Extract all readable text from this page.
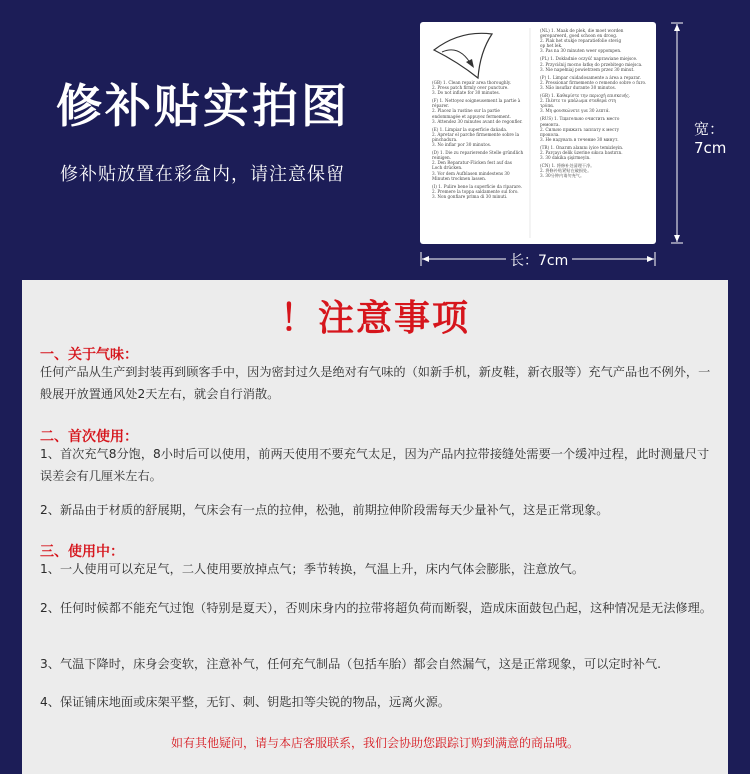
修补贴实拍图
修补贴放置在彩盒内，请注意保留
(GB) 1. Clean repair area thoroughly.
2. Press patch firmly over puncture.
3. Do not inflate for 30 minutes.
(F) 1. Nettoyez soigneusement la partie à
réparer.
2. Placez la rustine sur la partie
endommagée et appuyez fermement.
3. Attendez 30 minutes avant de regonfler.
(E) 1. Limpiar la superficie dañada.
2. Apretar el parche firmemente sobre la
pinchadura.
3. No inflar por 30 minutos.
(D) 1. Die zu reparierende Stelle gründlich
reinigen.
2. Den Reparatur-Flicken fest auf das
Loch drücken.
3. Vor dem Aufblasen mindestens 30
Minuten trocknen lassen.
(I) 1. Pulire bene la superficie da riparare.
2. Premere la toppa saldamente sul foro.
3. Non gonfiare prima di 30 minuti.
(NL) 1. Maak de plek, die moet worden
gerepareerd, goed schoon en droog.
2. Plak het stukje reparatiefolie stevig
op het lek.
3. Pas na 30 minuten weer oppompen.
(PL) 1. Dokładnie oczyść naprawiane miejsce.
2. Przyciśnij mocno łatkę do przebitego miejsca.
3. Nie napełniaj powietrzem przez 30 minut.
(P) 1. Limpar cuidadosamente a área a reparar.
2. Pressionar firmemente o remendo sobre o furo.
3. Não insuflar durante 30 minutos.
(GR) 1. Καθαρίστε την περιοχή επισκευής.
2. Πιέστε το μπάλωμα σταθερά στη
τρύπα.
3. Μη φουσκώνετε για 30 λεπτά.
(RUS) 1. Тщательно очистить место
ремонта.
2. Сильно прижать заплату к месту
прокола.
3. Не надувать в течение 30 минут.
(TR) 1. Onarım alanını iyice temizleyin.
2. Parçayı delik üzerine sıkıca bastırın.
3. 30 dakika şişirmeyin.
(CN) 1. 将修补处清理干净。
2. 将修补贴紧贴在破损处。
3. 30分钟内请勿充气。
长：7cm
宽：7cm
！注意事项
一、关于气味：
任何产品从生产到封装再到顾客手中，因为密封过久是绝对有气味的（如新手机，新皮鞋，新衣服等）充气产品也不例外，一般展开放置通风处2天左右，就会自行消散。
二、首次使用：
1、首次充气8分饱，8小时后可以使用，前两天使用不要充气太足，因为产品内拉带接缝处需要一个缓冲过程，此时测量尺寸误差会有几厘米左右。
2、新品由于材质的舒展期，气床会有一点的拉伸，松弛，前期拉伸阶段需每天少量补气，这是正常现象。
三、使用中：
1、一人使用可以充足气，二人使用要放掉点气；季节转换，气温上升，床内气体会膨胀，注意放气。
2、任何时候都不能充气过饱（特别是夏天），否则床身内的拉带将超负荷而断裂，造成床面鼓包凸起，这种情况是无法修理。
3、气温下降时，床身会变软，注意补气，任何充气制品（包括车胎）都会自然漏气，这是正常现象，可以定时补气.
4、保证铺床地面或床架平整，无钉、刺、钥匙扣等尖锐的物品，远离火源。
如有其他疑问，请与本店客服联系，我们会协助您跟踪订购到满意的商品哦。
